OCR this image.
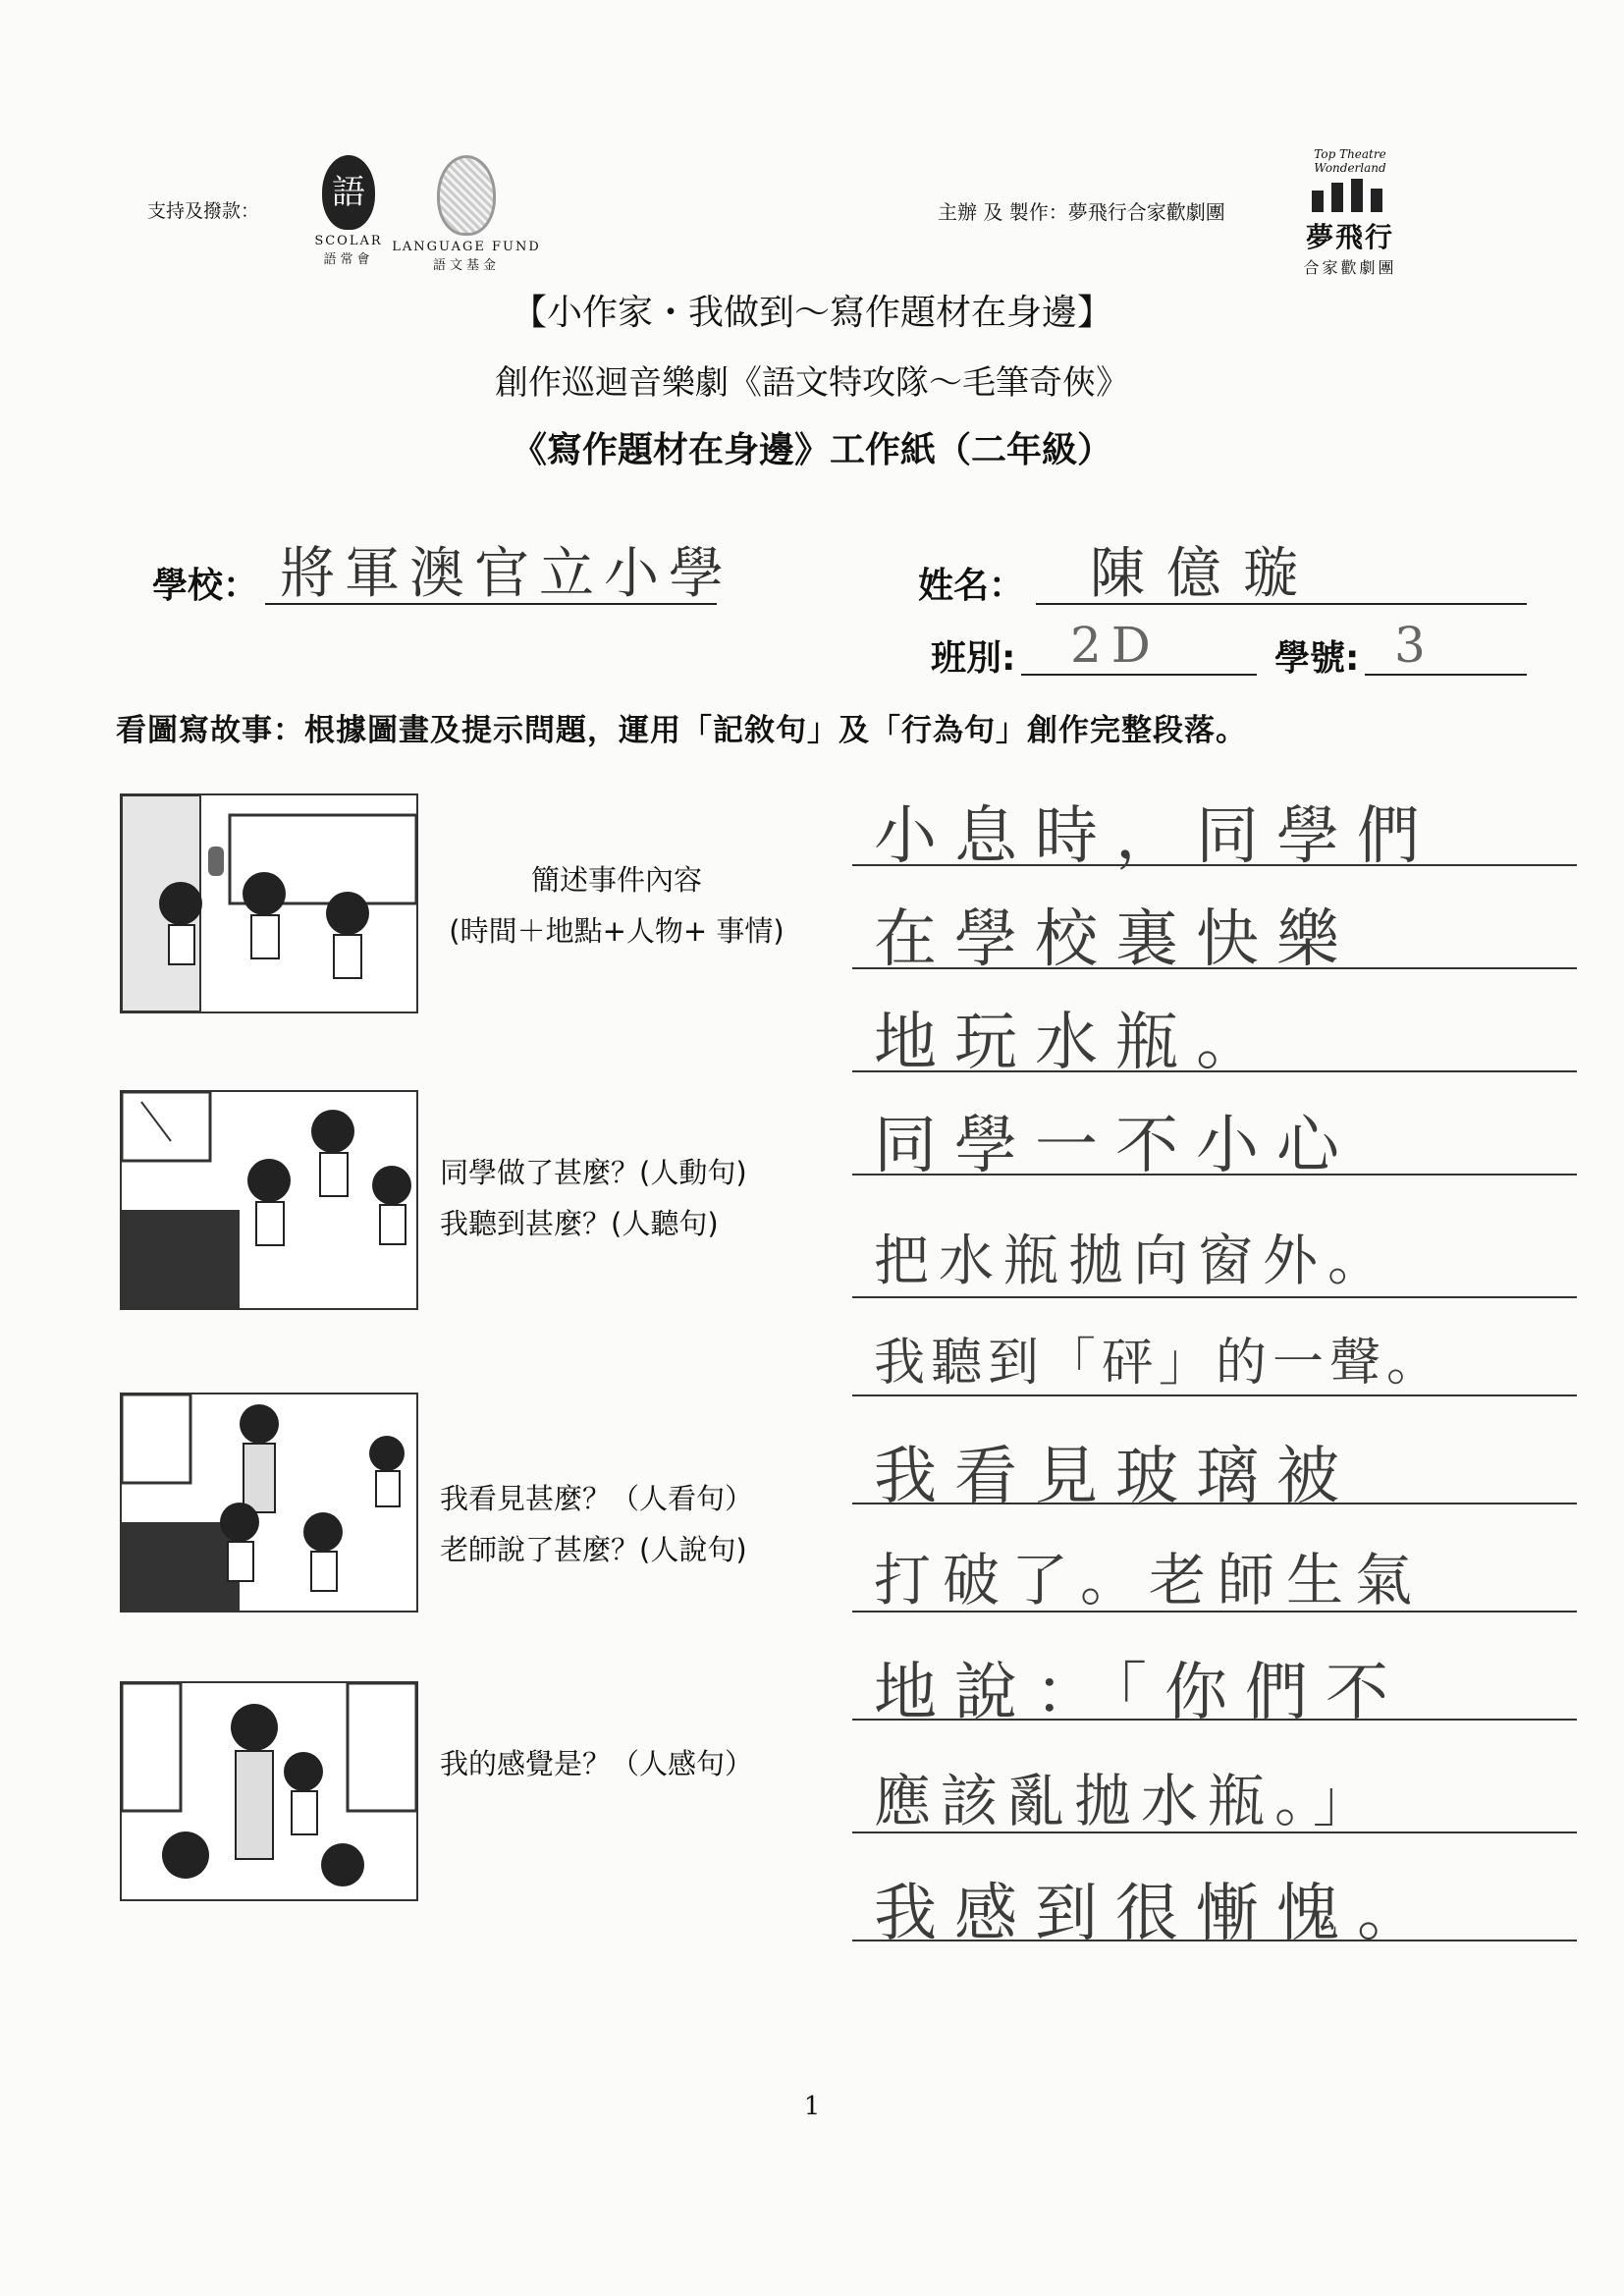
支持及撥款： 語
SCOLAR
語常會
LANGUAGE FUND
語文基金
主辦 及 製作：夢飛行合家歡劇團
Top Theatre Wonderland
夢飛行
合家歡劇團
【小作家・我做到～寫作題材在身邊】
創作巡迴音樂劇《語文特攻隊～毛筆奇俠》
《寫作題材在身邊》工作紙（二年級）
學校： 將軍澳官立小學	姓名： 陳億璇
班別: 2D	學號: 3
看圖寫故事：根據圖畫及提示問題，運用「記敘句」及「行為句」創作完整段落。
簡述事件內容
(時間＋地點+人物+ 事情)
同學做了甚麼？(人動句)
我聽到甚麼？(人聽句)
我看見甚麼？（人看句）
老師說了甚麼？(人說句)
我的感覺是？（人感句）
小息時，同學們
在學校裏快樂
地玩水瓶。
同學一不小心
把水瓶拋向窗外。
我聽到「砰」的一聲。
我看見玻璃被
打破了。老師生氣
地說：「你們不
應該亂拋水瓶。」
我感到很慚愧。
1
